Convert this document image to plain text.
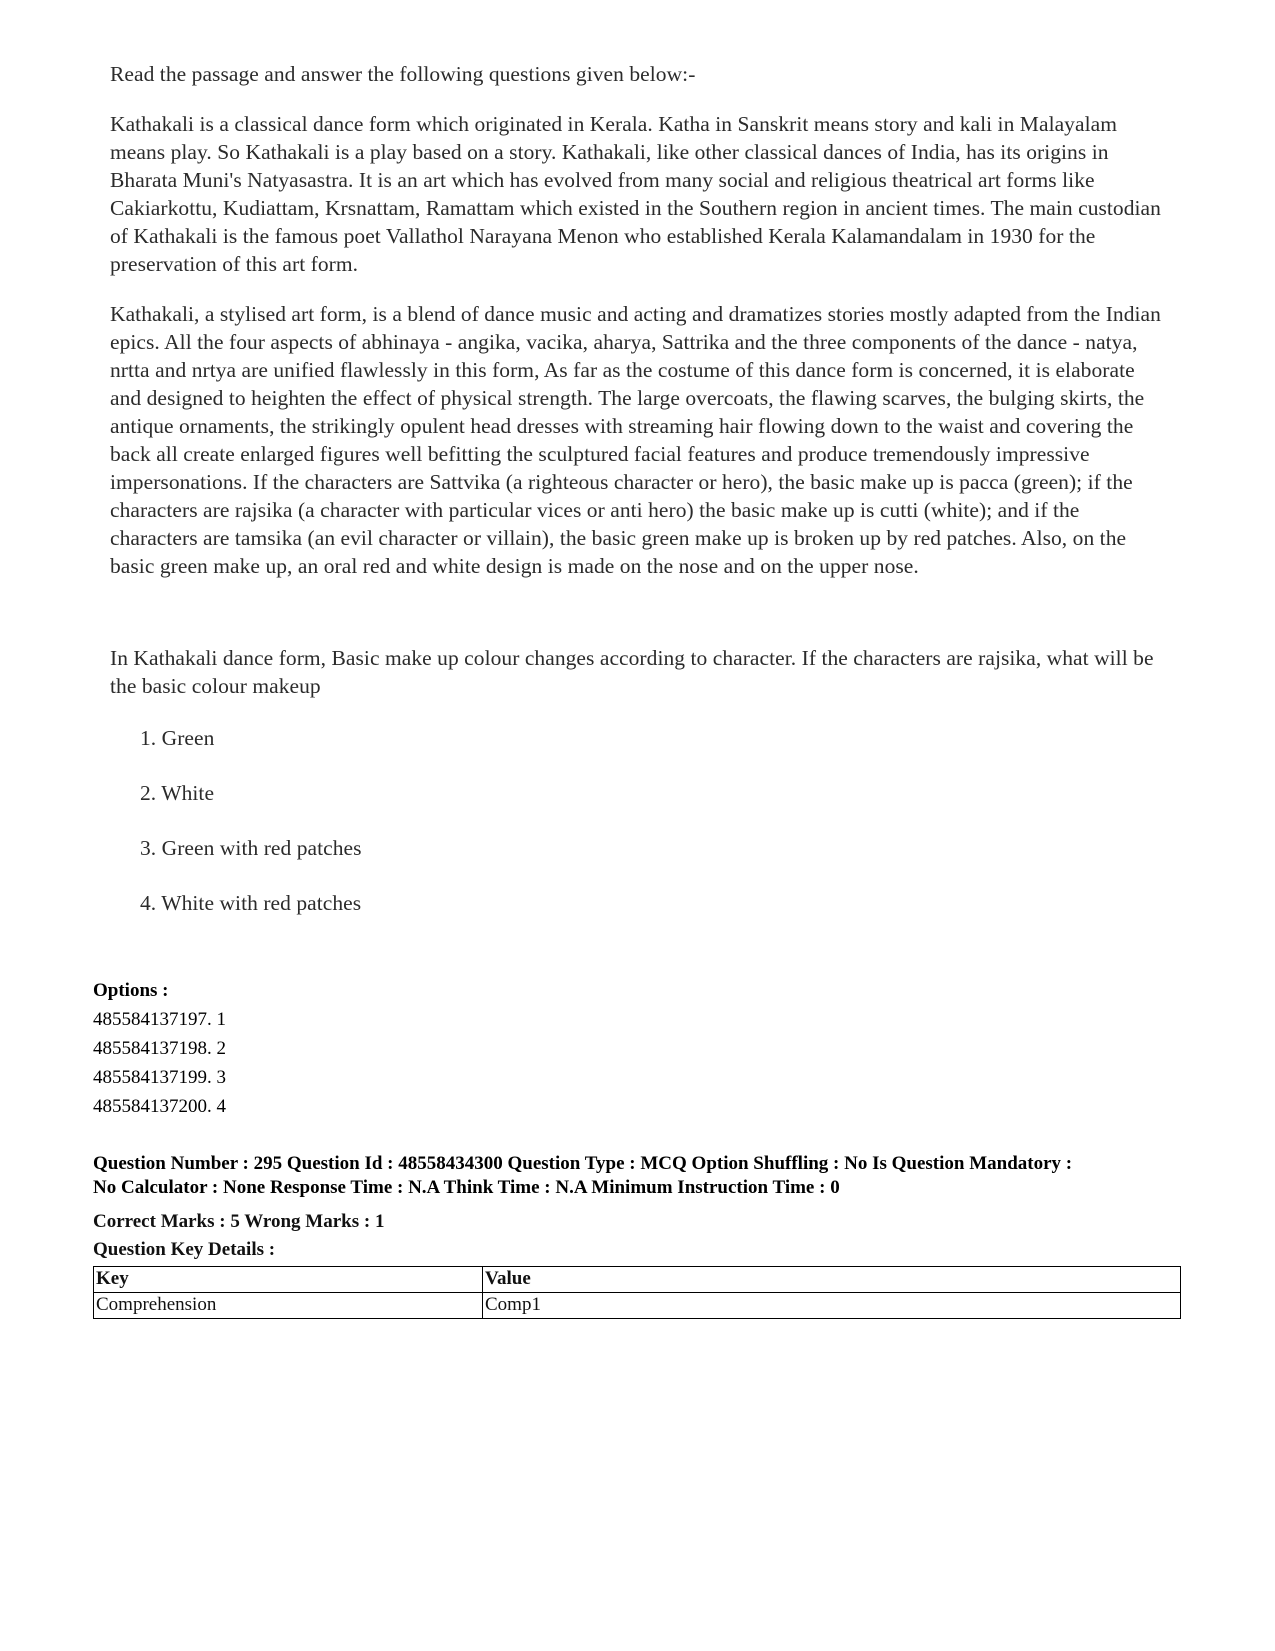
Read the passage and answer the following questions given below:-

Kathakali is a classical dance form which originated in Kerala. Katha in Sanskrit means story and kali in Malayalam means play. So Kathakali is a play based on a story. Kathakali, like other classical dances of India, has its origins in Bharata Muni's Natyasastra. It is an art which has evolved from many social and religious theatrical art forms like Cakiarkottu, Kudiattam, Krsnattam, Ramattam which existed in the Southern region in ancient times. The main custodian of Kathakali is the famous poet Vallathol Narayana Menon who established Kerala Kalamandalam in 1930 for the preservation of this art form.

Kathakali, a stylised art form, is a blend of dance music and acting and dramatizes stories mostly adapted from the Indian epics. All the four aspects of abhinaya - angika, vacika, aharya, Sattrika and the three components of the dance - natya, nrtta and nrtya are unified flawlessly in this form, As far as the costume of this dance form is concerned, it is elaborate and designed to heighten the effect of physical strength. The large overcoats, the flawing scarves, the bulging skirts, the antique ornaments, the strikingly opulent head dresses with streaming hair flowing down to the waist and covering the back all create enlarged figures well befitting the sculptured facial features and produce tremendously impressive impersonations. If the characters are Sattvika (a righteous character or hero), the basic make up is pacca (green); if the characters are rajsika (a character with particular vices or anti hero) the basic make up is cutti (white); and if the characters are tamsika (an evil character or villain), the basic green make up is broken up by red patches. Also, on the basic green make up, an oral red and white design is made on the nose and on the upper nose.

In Kathakali dance form, Basic make up colour changes according to character. If the characters are rajsika, what will be the basic colour makeup

1. Green
2. White
3. Green with red patches
4. White with red patches
Options :
485584137197. 1
485584137198. 2
485584137199. 3
485584137200. 4
Question Number : 295 Question Id : 48558434300 Question Type : MCQ Option Shuffling : No Is Question Mandatory :
No Calculator : None Response Time : N.A Think Time : N.A Minimum Instruction Time : 0
Correct Marks : 5 Wrong Marks : 1
Question Key Details :
Key	Value
Comprehension	Comp1
